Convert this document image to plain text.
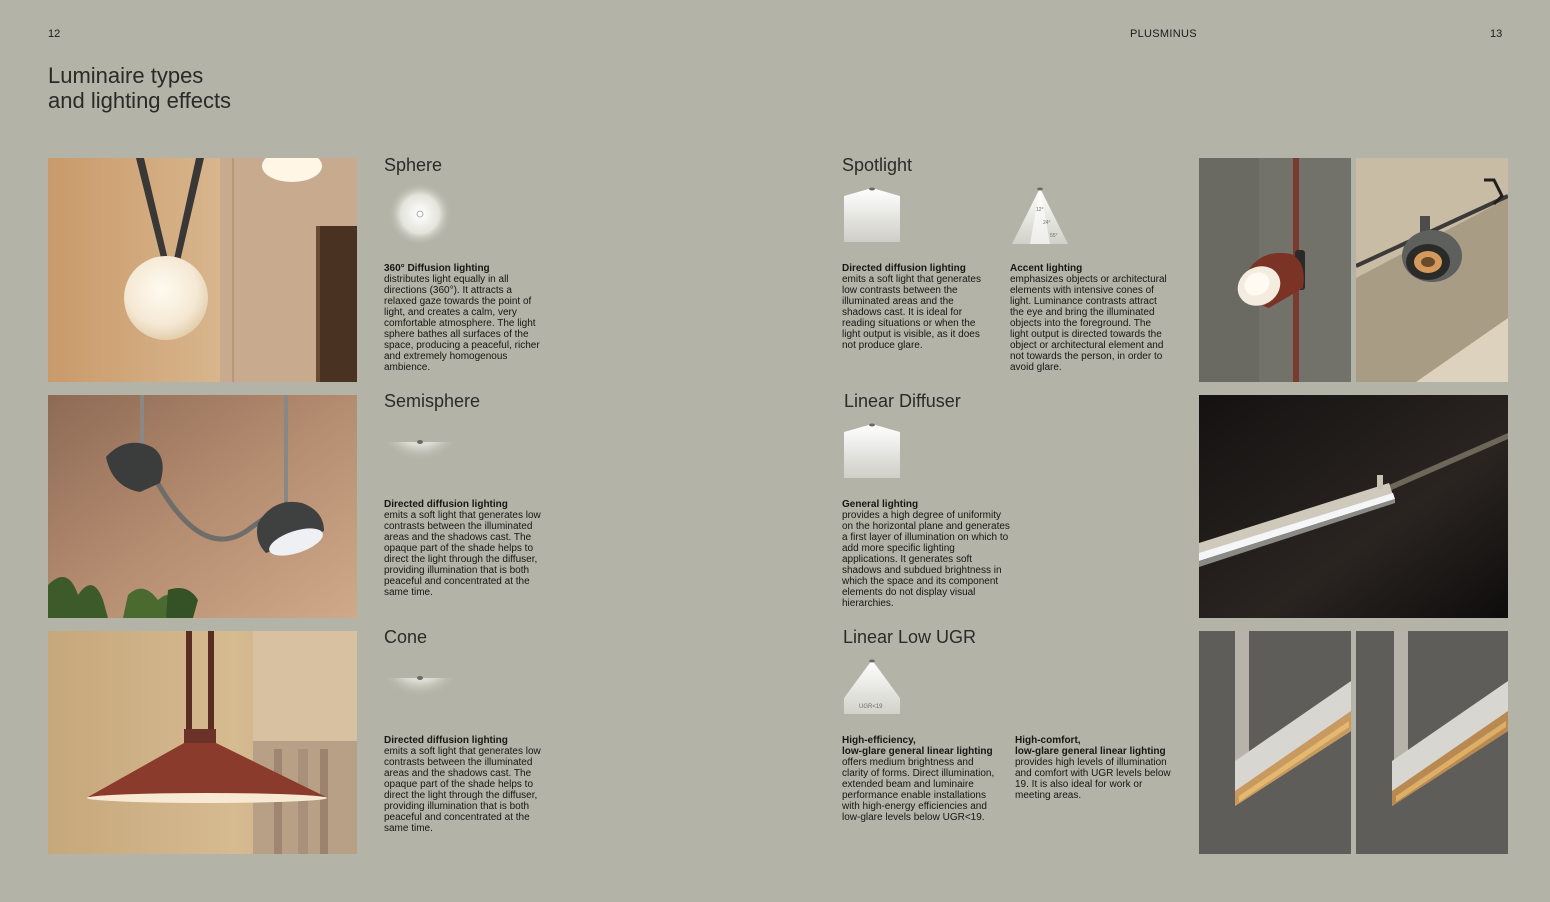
12	PLUSMINUS	13
Luminaire types
and lighting effects
Sphere
360° Diffusion lighting
distributes light equally in all directions (360°). It attracts a relaxed gaze towards the point of light, and creates a calm, very comfortable atmosphere. The light sphere bathes all surfaces of the space, producing a peaceful, richer and extremely homogenous ambience.
Semisphere
Directed diffusion lighting
emits a soft light that generates low contrasts between the illuminated areas and the shadows cast. The opaque part of the shade helps to direct the light through the diffuser, providing illumination that is both peaceful and concentrated at the same time.
Cone
Directed diffusion lighting
emits a soft light that generates low contrasts between the illuminated areas and the shadows cast. The opaque part of the shade helps to direct the light through the diffuser, providing illumination that is both peaceful and concentrated at the same time.
12°
24°
55°
UGR<19
Spotlight
Directed diffusion lighting
emits a soft light that generates low contrasts between the illuminated areas and the shadows cast. It is ideal for reading situations or when the light output is visible, as it does not produce glare.
Accent lighting
emphasizes objects or architectural elements with intensive cones of light. Luminance contrasts attract the eye and bring the illuminated objects into the foreground. The light output is directed towards the object or architectural element and not towards the person, in order to avoid glare.
Linear Diffuser
General lighting
provides a high degree of uniformity on the horizontal plane and generates a first layer of illumination on which to add more specific lighting applications. It generates soft shadows and subdued brightness in which the space and its component elements do not display visual hierarchies.
Linear Low UGR
High-efficiency,
low-glare general linear lighting
offers medium brightness and clarity of forms. Direct illumination, extended beam and luminaire performance enable installations with high-energy efficiencies and low-glare levels below UGR<19.
High-comfort,
low-glare general linear lighting
provides high levels of illumination and comfort with UGR levels below 19. It is also ideal for work or meeting areas.
